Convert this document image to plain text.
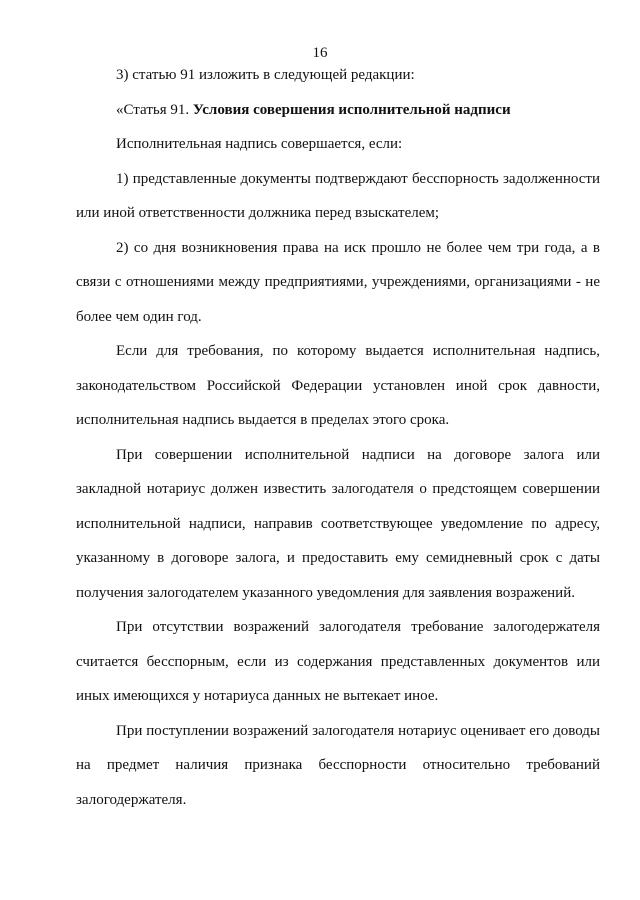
16

3) статью 91 изложить в следующей редакции:

«Статья 91. Условия совершения исполнительной надписи

Исполнительная надпись совершается, если:

1) представленные документы подтверждают бесспорность задолженности или иной ответственности должника перед взыскателем;

2) со дня возникновения права на иск прошло не более чем три года, а в связи с отношениями между предприятиями, учреждениями, организациями - не более чем один год.

Если для требования, по которому выдается исполнительная надпись, законодательством Российской Федерации установлен иной срок давности, исполнительная надпись выдается в пределах этого срока.

При совершении исполнительной надписи на договоре залога или закладной нотариус должен известить залогодателя о предстоящем совершении исполнительной надписи, направив соответствующее уведомление по адресу, указанному в договоре залога, и предоставить ему семидневный срок с даты получения залогодателем указанного уведомления для заявления возражений.

При отсутствии возражений залогодателя требование залогодержателя считается бесспорным, если из содержания представленных документов или иных имеющихся у нотариуса данных не вытекает иное.

При поступлении возражений залогодателя нотариус оценивает его доводы на предмет наличия признака бесспорности относительно требований залогодержателя.
